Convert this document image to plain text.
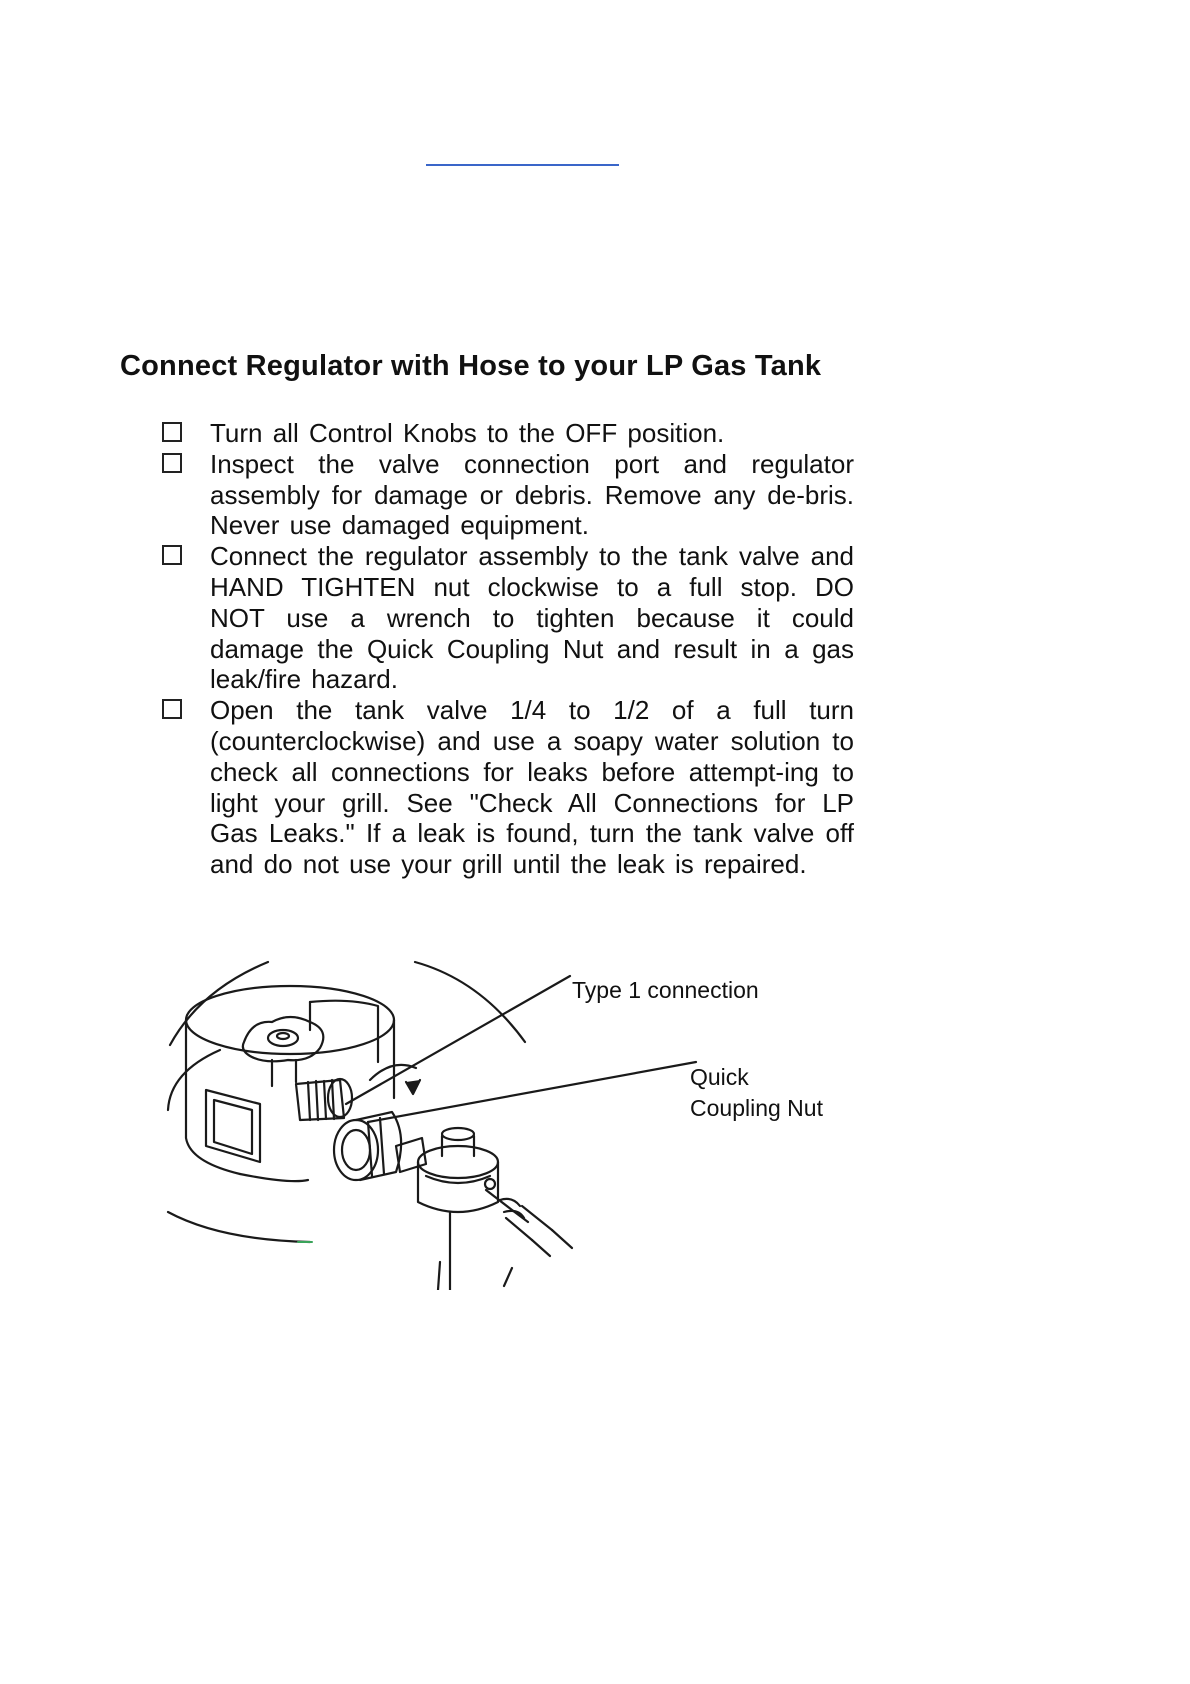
Connect Regulator with Hose to your LP Gas Tank
Turn all Control Knobs to the OFF position.
Inspect the valve connection port and regulator assembly for damage or debris. Remove any de-bris. Never use damaged equipment.
Connect the regulator assembly to the tank valve and HAND TIGHTEN nut clockwise to a full stop. DO NOT use a wrench to tighten because it could damage the Quick Coupling Nut and result in a gas leak/fire hazard.
Open the tank valve 1/4 to 1/2 of a full turn (counterclockwise) and use a soapy water solution to check all connections for leaks before attempt-ing to light your grill. See "Check All Connections for LP Gas Leaks." If a leak is found, turn the tank valve off and do not use your grill until the leak is repaired.
Type 1 connection
Quick
Coupling Nut
